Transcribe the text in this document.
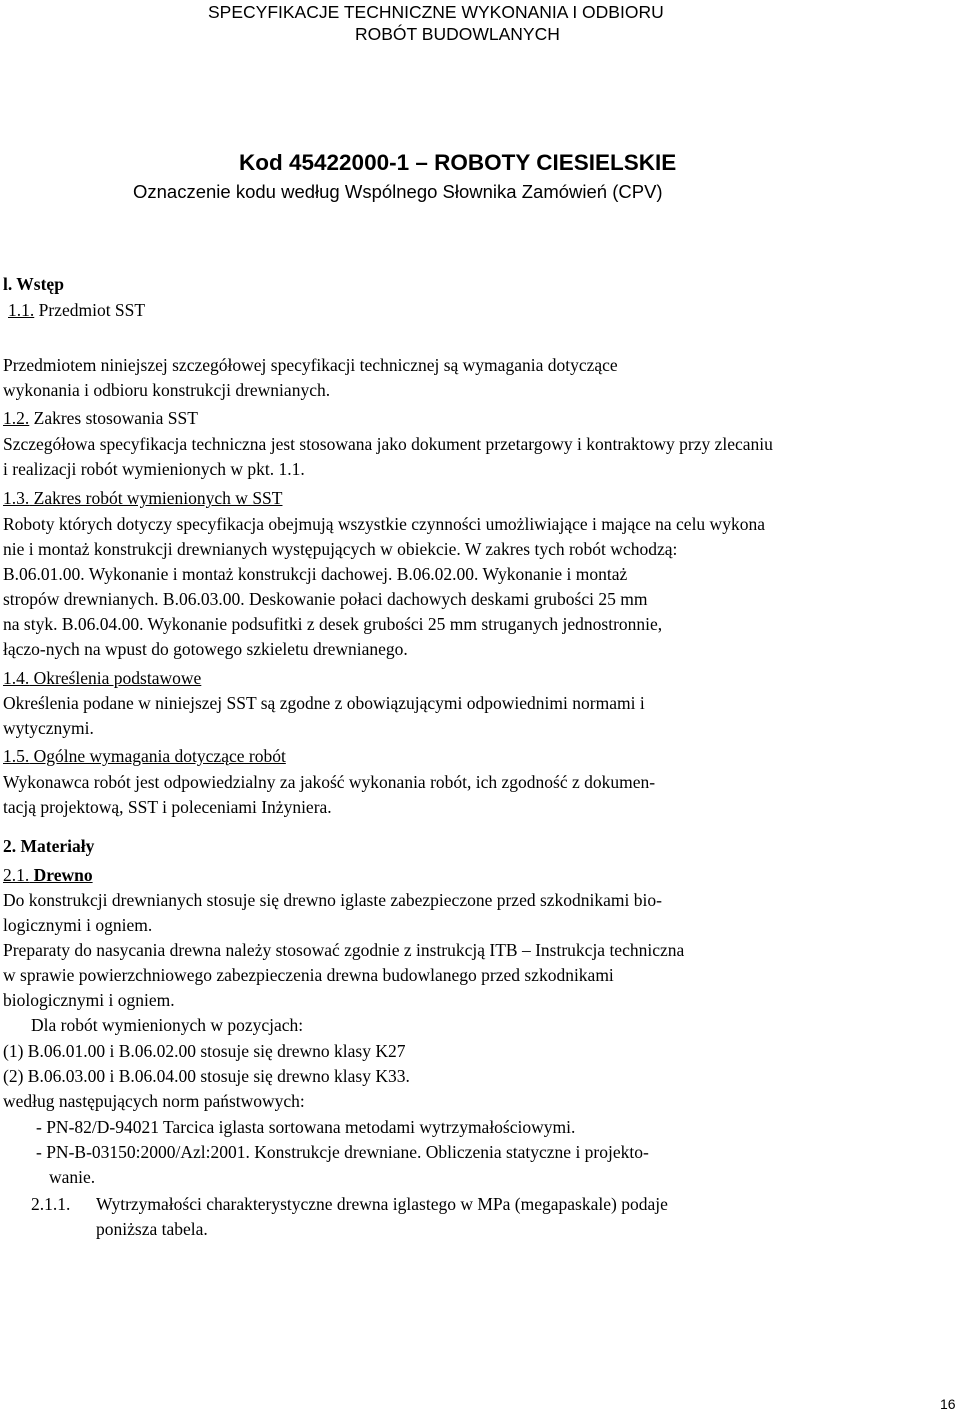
SPECYFIKACJE TECHNICZNE WYKONANIA I ODBIORU
ROBÓT BUDOWLANYCH
Kod 45422000-1 – ROBOTY CIESIELSKIE
Oznaczenie kodu według Wspólnego Słownika Zamówień (CPV)
l. Wstęp
1.1. Przedmiot SST
Przedmiotem niniejszej szczegółowej specyfikacji technicznej są wymagania dotyczące
wykonania i odbioru konstrukcji drewnianych.
1.2. Zakres stosowania SST
Szczegółowa specyfikacja techniczna jest stosowana jako dokument przetargowy i kontraktowy przy zlecaniu
i realizacji robót wymienionych w pkt. 1.1.
1.3. Zakres robót wymienionych w SST
Roboty których dotyczy specyfikacja obejmują wszystkie czynności umożliwiające i mające na celu wykona
nie i montaż konstrukcji drewnianych występujących w obiekcie. W zakres tych robót wchodzą:
B.06.01.00. Wykonanie i montaż konstrukcji dachowej. B.06.02.00. Wykonanie i montaż
stropów drewnianych. B.06.03.00. Deskowanie połaci dachowych deskami grubości 25 mm
na styk. B.06.04.00. Wykonanie podsufitki z desek grubości 25 mm struganych jednostronnie,
łączo-nych na wpust do gotowego szkieletu drewnianego.
1.4. Określenia podstawowe
Określenia podane w niniejszej SST są zgodne z obowiązującymi odpowiednimi normami i
wytycznymi.
1.5. Ogólne wymagania dotyczące robót
Wykonawca robót jest odpowiedzialny za jakość wykonania robót, ich zgodność z dokumen-
tacją projektową, SST i poleceniami Inżyniera.
2. Materiały
2.1. Drewno
Do konstrukcji drewnianych stosuje się drewno iglaste zabezpieczone przed szkodnikami bio-
logicznymi i ogniem.
Preparaty do nasycania drewna należy stosować zgodnie z instrukcją ITB – Instrukcja techniczna
w sprawie powierzchniowego zabezpieczenia drewna budowlanego przed szkodnikami
biologicznymi i ogniem.
Dla robót wymienionych w pozycjach:
(1) B.06.01.00 i B.06.02.00 stosuje się drewno klasy K27
(2) B.06.03.00 i B.06.04.00 stosuje się drewno klasy K33.
według następujących norm państwowych:
- PN-82/D-94021 Tarcica iglasta sortowana metodami wytrzymałościowymi.
- PN-B-03150:2000/Azl:2001. Konstrukcje drewniane. Obliczenia statyczne i projekto-
wanie.
2.1.1. Wytrzymałości charakterystyczne drewna iglastego w MPa (megapaskale) podaje
poniższa tabela.
16
